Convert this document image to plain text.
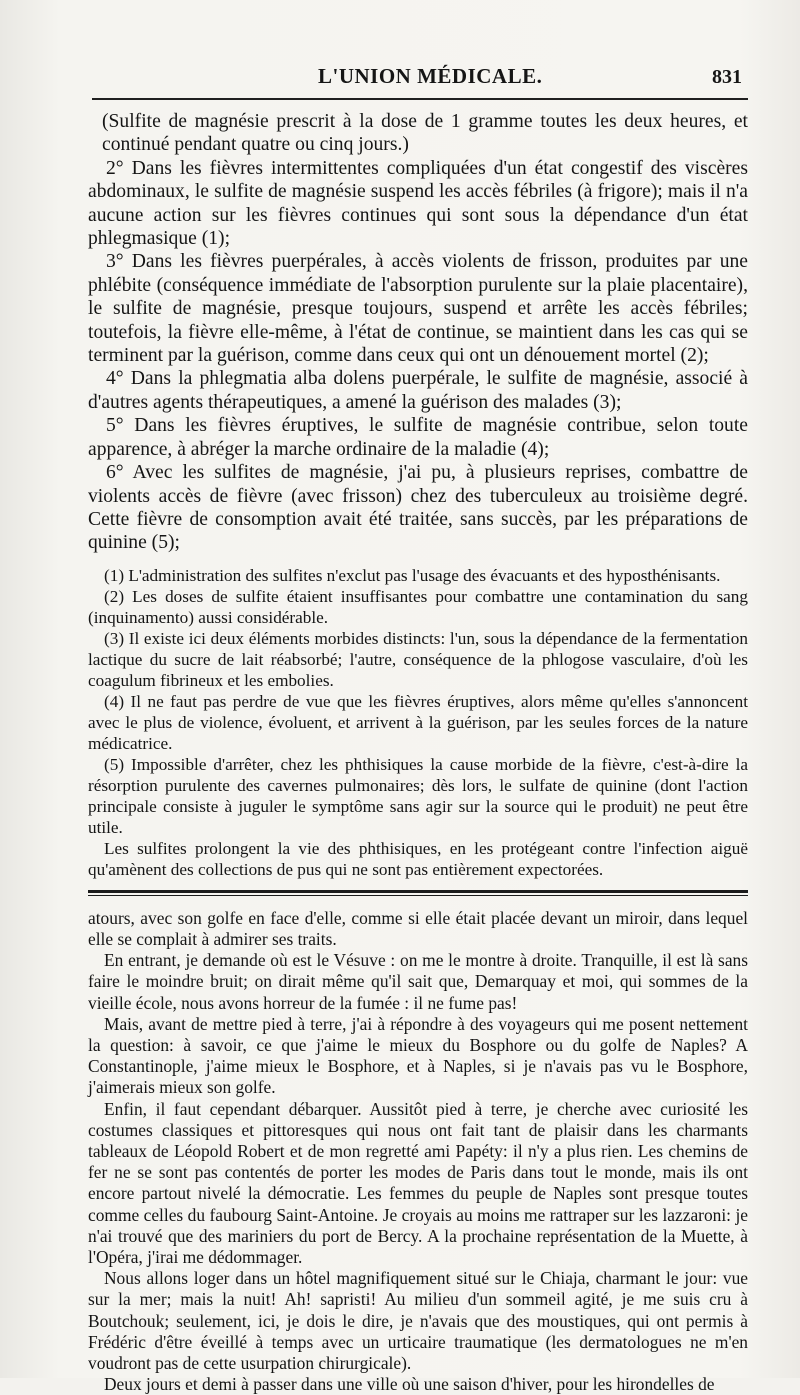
L'UNION MÉDICALE.	831

(Sulfite de magnésie prescrit à la dose de 1 gramme toutes les deux heures, et continué pendant quatre ou cinq jours.)

2° Dans les fièvres intermittentes compliquées d'un état congestif des viscères abdominaux, le sulfite de magnésie suspend les accès fébriles (à frigore); mais il n'a aucune action sur les fièvres continues qui sont sous la dépendance d'un état phlegmasique (1);

3° Dans les fièvres puerpérales, à accès violents de frisson, produites par une phlébite (conséquence immédiate de l'absorption purulente sur la plaie placentaire), le sulfite de magnésie, presque toujours, suspend et arrête les accès fébriles; toutefois, la fièvre elle-même, à l'état de continue, se maintient dans les cas qui se terminent par la guérison, comme dans ceux qui ont un dénouement mortel (2);

4° Dans la phlegmatia alba dolens puerpérale, le sulfite de magnésie, associé à d'autres agents thérapeutiques, a amené la guérison des malades (3);

5° Dans les fièvres éruptives, le sulfite de magnésie contribue, selon toute apparence, à abréger la marche ordinaire de la maladie (4);

6° Avec les sulfites de magnésie, j'ai pu, à plusieurs reprises, combattre de violents accès de fièvre (avec frisson) chez des tuberculeux au troisième degré. Cette fièvre de consomption avait été traitée, sans succès, par les préparations de quinine (5);

(1) L'administration des sulfites n'exclut pas l'usage des évacuants et des hyposthénisants.

(2) Les doses de sulfite étaient insuffisantes pour combattre une contamination du sang (inquinamento) aussi considérable.

(3) Il existe ici deux éléments morbides distincts: l'un, sous la dépendance de la fermentation lactique du sucre de lait réabsorbé; l'autre, conséquence de la phlogose vasculaire, d'où les coagulum fibrineux et les embolies.

(4) Il ne faut pas perdre de vue que les fièvres éruptives, alors même qu'elles s'annoncent avec le plus de violence, évoluent, et arrivent à la guérison, par les seules forces de la nature médicatrice.

(5) Impossible d'arrêter, chez les phthisiques la cause morbide de la fièvre, c'est-à-dire la résorption purulente des cavernes pulmonaires; dès lors, le sulfate de quinine (dont l'action principale consiste à juguler le symptôme sans agir sur la source qui le produit) ne peut être utile.

Les sulfites prolongent la vie des phthisiques, en les protégeant contre l'infection aiguë qu'amènent des collections de pus qui ne sont pas entièrement expectorées.

atours, avec son golfe en face d'elle, comme si elle était placée devant un miroir, dans lequel elle se complait à admirer ses traits.

En entrant, je demande où est le Vésuve : on me le montre à droite. Tranquille, il est là sans faire le moindre bruit; on dirait même qu'il sait que, Demarquay et moi, qui sommes de la vieille école, nous avons horreur de la fumée : il ne fume pas!

Mais, avant de mettre pied à terre, j'ai à répondre à des voyageurs qui me posent nettement la question: à savoir, ce que j'aime le mieux du Bosphore ou du golfe de Naples? A Constantinople, j'aime mieux le Bosphore, et à Naples, si je n'avais pas vu le Bosphore, j'aimerais mieux son golfe.

Enfin, il faut cependant débarquer. Aussitôt pied à terre, je cherche avec curiosité les costumes classiques et pittoresques qui nous ont fait tant de plaisir dans les charmants tableaux de Léopold Robert et de mon regretté ami Papéty: il n'y a plus rien. Les chemins de fer ne se sont pas contentés de porter les modes de Paris dans tout le monde, mais ils ont encore partout nivelé la démocratie. Les femmes du peuple de Naples sont presque toutes comme celles du faubourg Saint-Antoine. Je croyais au moins me rattraper sur les lazzaroni: je n'ai trouvé que des mariniers du port de Bercy. A la prochaine représentation de la Muette, à l'Opéra, j'irai me dédommager.

Nous allons loger dans un hôtel magnifiquement situé sur le Chiaja, charmant le jour: vue sur la mer; mais la nuit! Ah! sapristi! Au milieu d'un sommeil agité, je me suis cru à Boutchouk; seulement, ici, je dois le dire, je n'avais que des moustiques, qui ont permis à Frédéric d'être éveillé à temps avec un urticaire traumatique (les dermatologues ne m'en voudront pas de cette usurpation chirurgicale).

Deux jours et demi à passer dans une ville où une saison d'hiver, pour les hirondelles de
